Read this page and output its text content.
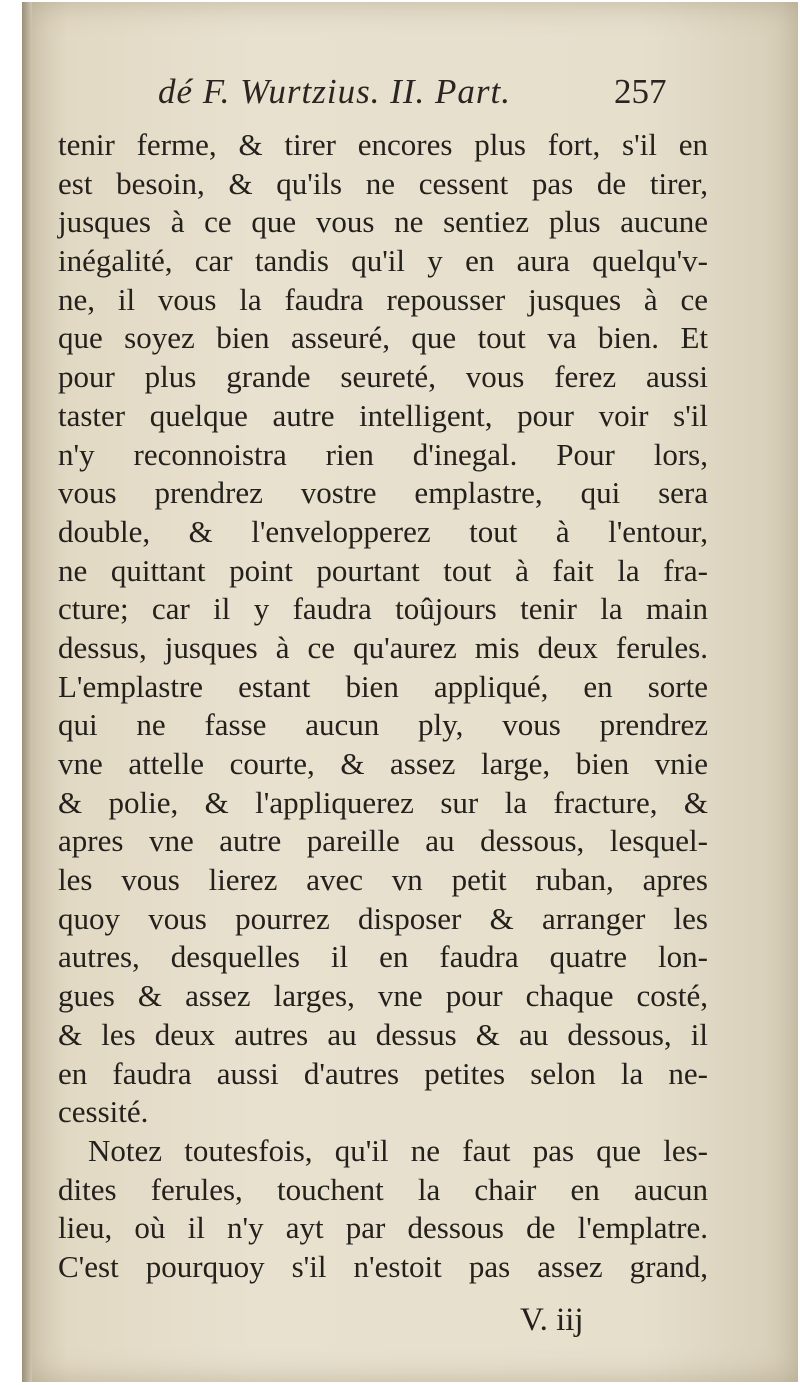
dé F. Wurtzius. II. Part.	257
tenir ferme, & tirer encores plus fort, s'il en
est besoin, & qu'ils ne cessent pas de tirer,
jusques à ce que vous ne sentiez plus aucune
inégalité, car tandis qu'il y en aura quelqu'v-
ne, il vous la faudra repousser jusques à ce
que soyez bien asseuré, que tout va bien. Et
pour plus grande seureté, vous ferez aussi
taster quelque autre intelligent, pour voir s'il
n'y reconnoistra rien d'inegal. Pour lors,
vous prendrez vostre emplastre, qui sera
double, & l'envelopperez tout à l'entour,
ne quittant point pourtant tout à fait la fra-
cture; car il y faudra toûjours tenir la main
dessus, jusques à ce qu'aurez mis deux ferules.
L'emplastre estant bien appliqué, en sorte
qui ne fasse aucun ply, vous prendrez
vne attelle courte, & assez large, bien vnie
& polie, & l'appliquerez sur la fracture, &
apres vne autre pareille au dessous, lesquel-
les vous lierez avec vn petit ruban, apres
quoy vous pourrez disposer & arranger les
autres, desquelles il en faudra quatre lon-
gues & assez larges, vne pour chaque costé,
& les deux autres au dessus & au dessous, il
en faudra aussi d'autres petites selon la ne-
cessité.
Notez toutesfois, qu'il ne faut pas que les-
dites ferules, touchent la chair en aucun
lieu, où il n'y ayt par dessous de l'emplatre.
C'est pourquoy s'il n'estoit pas assez grand,
V. iij
